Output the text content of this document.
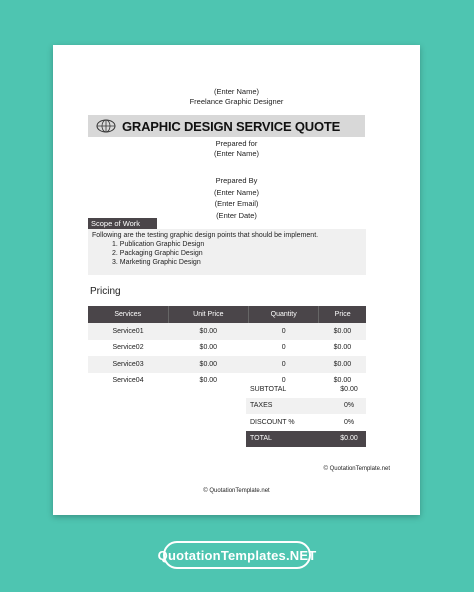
(Enter Name)
Freelance Graphic Designer
GRAPHIC DESIGN SERVICE QUOTE
Prepared for
(Enter Name)
Prepared By
(Enter Name)
(Enter Email)
(Enter Date)
Scope of Work
Following are the testing graphic design points that should be implement.
1. Publication Graphic Design
2. Packaging Graphic Design
3. Marketing Graphic Design
Pricing
Services	Unit Price	Quantity	Price
Service01	$0.00	0	$0.00
Service02	$0.00	0	$0.00
Service03	$0.00	0	$0.00
Service04	$0.00	0	$0.00
SUBTOTAL	$0.00
TAXES	0%
DISCOUNT %	0%
TOTAL	$0.00
© QuotationTemplate.net
© QuotationTemplate.net
QuotationTemplates.NET
